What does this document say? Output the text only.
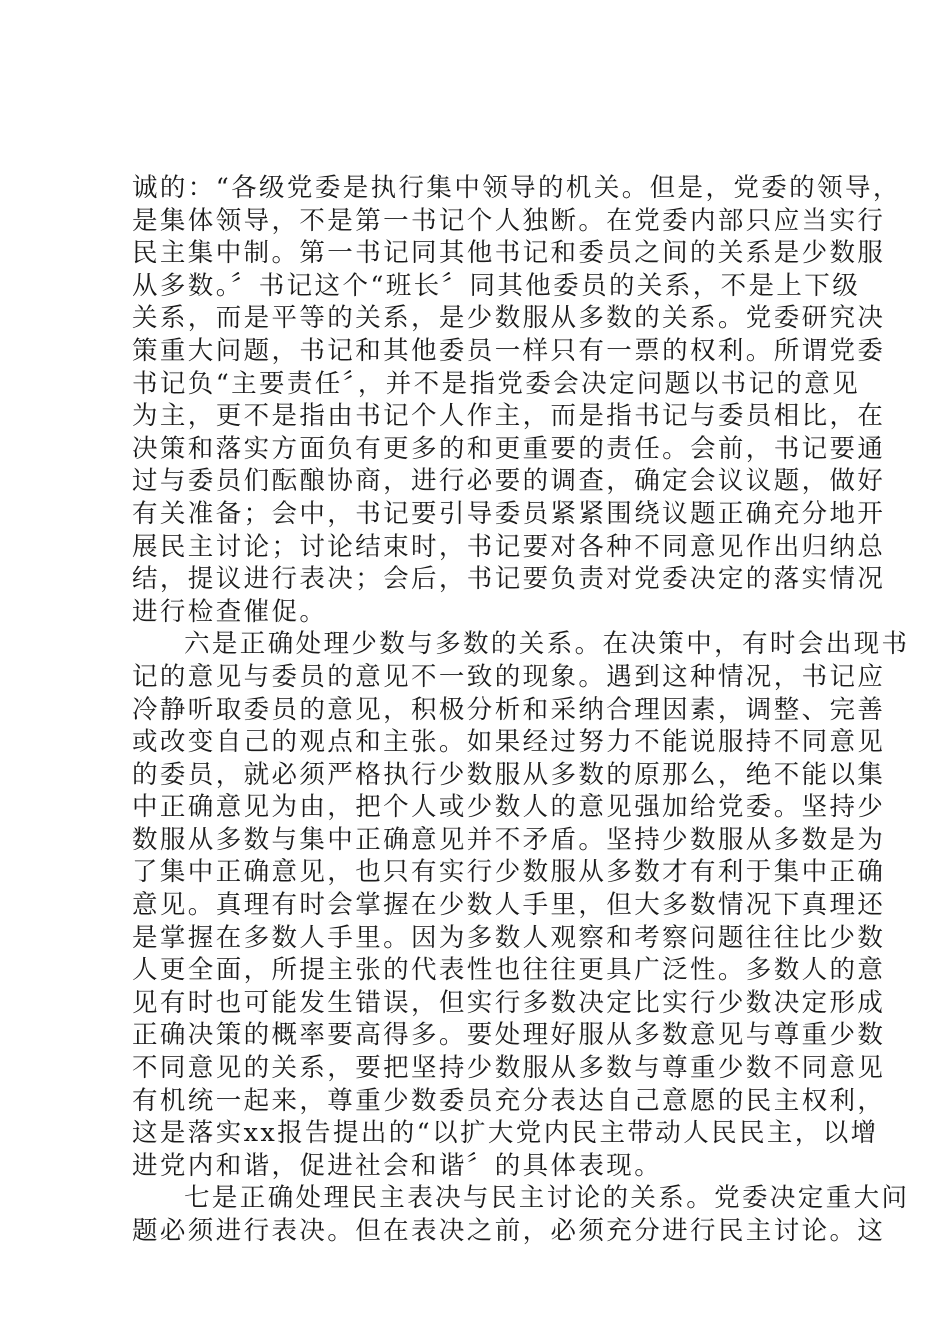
诚的：“各级党委是执行集中领导的机关。但是，党委的领导，
是集体领导，不是第一书记个人独断。在党委内部只应当实行
民主集中制。第一书记同其他书记和委员之间的关系是少数服
从多数。〞书记这个“班长〞同其他委员的关系，不是上下级
关系，而是平等的关系，是少数服从多数的关系。党委研究决
策重大问题，书记和其他委员一样只有一票的权利。所谓党委
书记负“主要责任〞，并不是指党委会决定问题以书记的意见
为主，更不是指由书记个人作主，而是指书记与委员相比，在
决策和落实方面负有更多的和更重要的责任。会前，书记要通
过与委员们酝酿协商，进行必要的调查，确定会议议题，做好
有关准备；会中，书记要引导委员紧紧围绕议题正确充分地开
展民主讨论；讨论结束时，书记要对各种不同意见作出归纳总
结，提议进行表决；会后，书记要负责对党委决定的落实情况
进行检查催促。
六是正确处理少数与多数的关系。在决策中，有时会出现书
记的意见与委员的意见不一致的现象。遇到这种情况，书记应
冷静听取委员的意见，积极分析和采纳合理因素，调整、完善
或改变自己的观点和主张。如果经过努力不能说服持不同意见
的委员，就必须严格执行少数服从多数的原那么，绝不能以集
中正确意见为由，把个人或少数人的意见强加给党委。坚持少
数服从多数与集中正确意见并不矛盾。坚持少数服从多数是为
了集中正确意见，也只有实行少数服从多数才有利于集中正确
意见。真理有时会掌握在少数人手里，但大多数情况下真理还
是掌握在多数人手里。因为多数人观察和考察问题往往比少数
人更全面，所提主张的代表性也往往更具广泛性。多数人的意
见有时也可能发生错误，但实行多数决定比实行少数决定形成
正确决策的概率要高得多。要处理好服从多数意见与尊重少数
不同意见的关系，要把坚持少数服从多数与尊重少数不同意见
有机统一起来，尊重少数委员充分表达自己意愿的民主权利，
这是落实xx报告提出的“以扩大党内民主带动人民民主，以增
进党内和谐，促进社会和谐〞的具体表现。
七是正确处理民主表决与民主讨论的关系。党委决定重大问
题必须进行表决。但在表决之前，必须充分进行民主讨论。这
